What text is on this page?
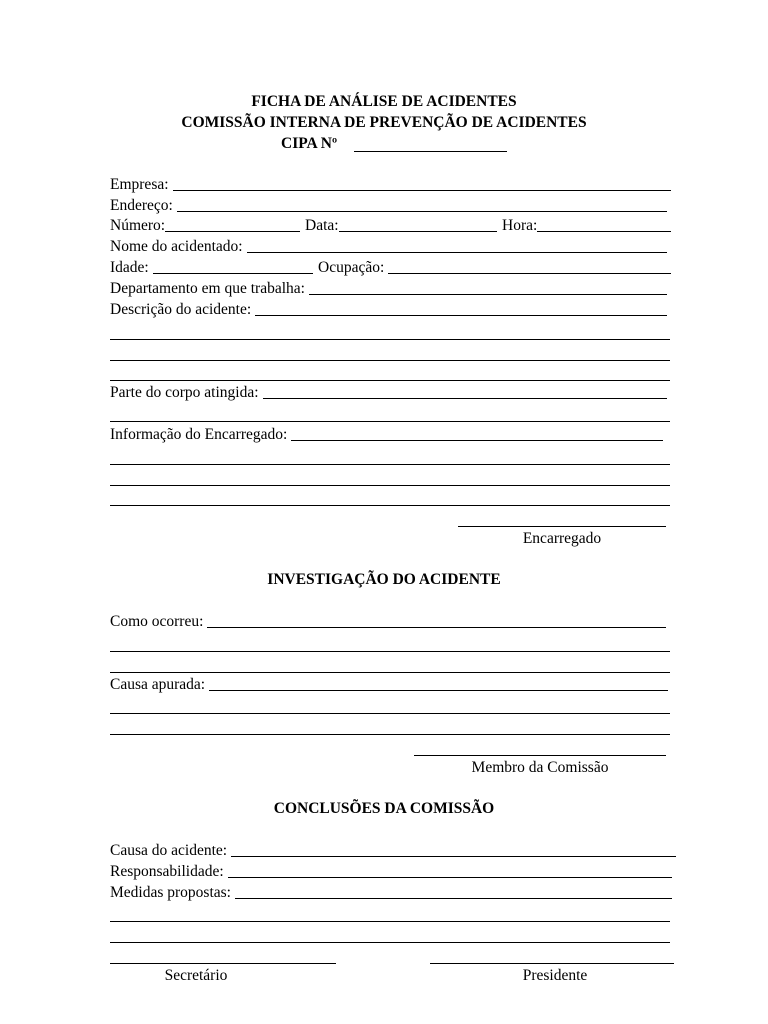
FICHA DE ANÁLISE DE ACIDENTES
COMISSÃO INTERNA DE PREVENÇÃO DE ACIDENTES
CIPA Nº
Empresa:
Endereço:
Número:	Data:	Hora:
Nome do acidentado:
Idade:	Ocupação:
Departamento em que trabalha:
Descrição do acidente:
Parte do corpo atingida:
Informação do Encarregado:
Encarregado
INVESTIGAÇÃO DO ACIDENTE
Como ocorreu:
Causa apurada:
Membro da Comissão
CONCLUSÕES DA COMISSÃO
Causa do acidente:
Responsabilidade:
Medidas propostas:
Secretário	Presidente
